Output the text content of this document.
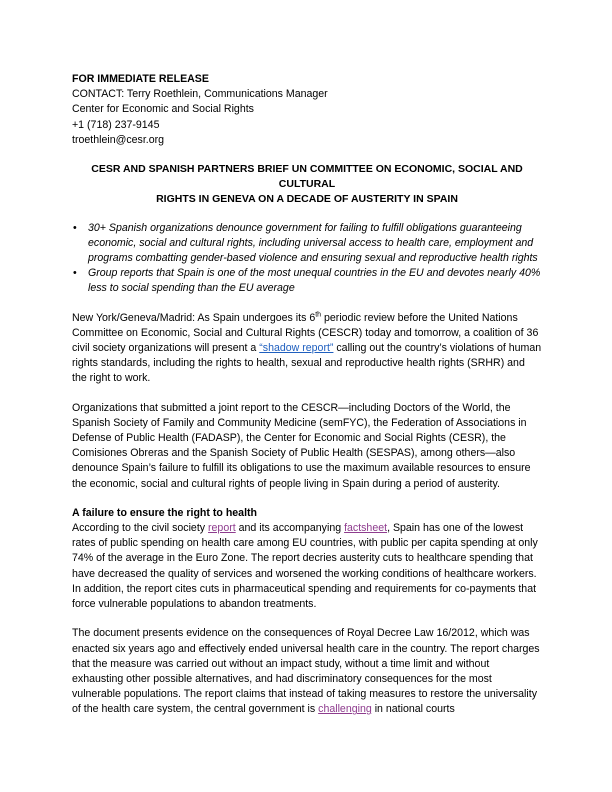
FOR IMMEDIATE RELEASE

CONTACT: Terry Roethlein, Communications Manager

Center for Economic and Social Rights

+1 (718) 237-9145

troethlein@cesr.org

CESR AND SPANISH PARTNERS BRIEF UN COMMITTEE ON ECONOMIC, SOCIAL AND CULTURAL
RIGHTS IN GENEVA ON A DECADE OF AUSTERITY IN SPAIN
• 30+ Spanish organizations denounce government for failing to fulfill obligations guaranteeing economic, social and cultural rights, including universal access to health care, employment and programs combatting gender-based violence and ensuring sexual and reproductive health rights
• Group reports that Spain is one of the most unequal countries in the EU and devotes nearly 40% less to social spending than the EU average

New York/Geneva/Madrid: As Spain undergoes its 6th periodic review before the United Nations Committee on Economic, Social and Cultural Rights (CESCR) today and tomorrow, a coalition of 36 civil society organizations will present a “shadow report” calling out the country’s violations of human rights standards, including the rights to health, sexual and reproductive health rights (SRHR) and the right to work.

Organizations that submitted a joint report to the CESCR—including Doctors of the World, the Spanish Society of Family and Community Medicine (semFYC), the Federation of Associations in Defense of Public Health (FADASP), the Center for Economic and Social Rights (CESR), the Comisiones Obreras and the Spanish Society of Public Health (SESPAS), among others—also denounce Spain’s failure to fulfill its obligations to use the maximum available resources to ensure the economic, social and cultural rights of people living in Spain during a period of austerity.

A failure to ensure the right to health

According to the civil society report and its accompanying factsheet, Spain has one of the lowest rates of public spending on health care among EU countries, with public per capita spending at only 74% of the average in the Euro Zone. The report decries austerity cuts to healthcare spending that have decreased the quality of services and worsened the working conditions of healthcare workers. In addition, the report cites cuts in pharmaceutical spending and requirements for co-payments that force vulnerable populations to abandon treatments.

The document presents evidence on the consequences of Royal Decree Law 16/2012, which was enacted six years ago and effectively ended universal health care in the country. The report charges that the measure was carried out without an impact study, without a time limit and without exhausting other possible alternatives, and had discriminatory consequences for the most vulnerable populations. The report claims that instead of taking measures to restore the universality of the health care system, the central government is challenging in national courts
